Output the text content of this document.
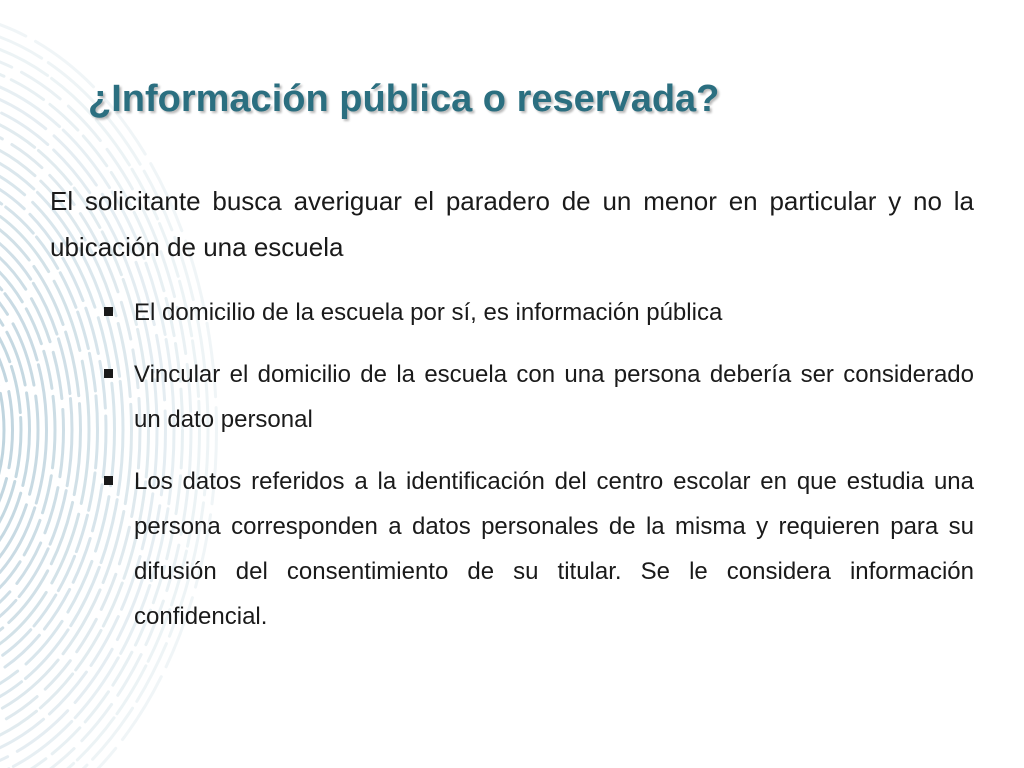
¿Información pública o reservada?

El solicitante busca averiguar el paradero de un menor en particular y no la ubicación de una escuela

El domicilio de la escuela por sí, es información pública
Vincular el domicilio de la escuela con una persona debería ser considerado un dato personal
Los datos referidos a la identificación del centro escolar en que estudia una persona corresponden a datos personales de la misma y requieren para su difusión del consentimiento de su titular. Se le considera información confidencial.
